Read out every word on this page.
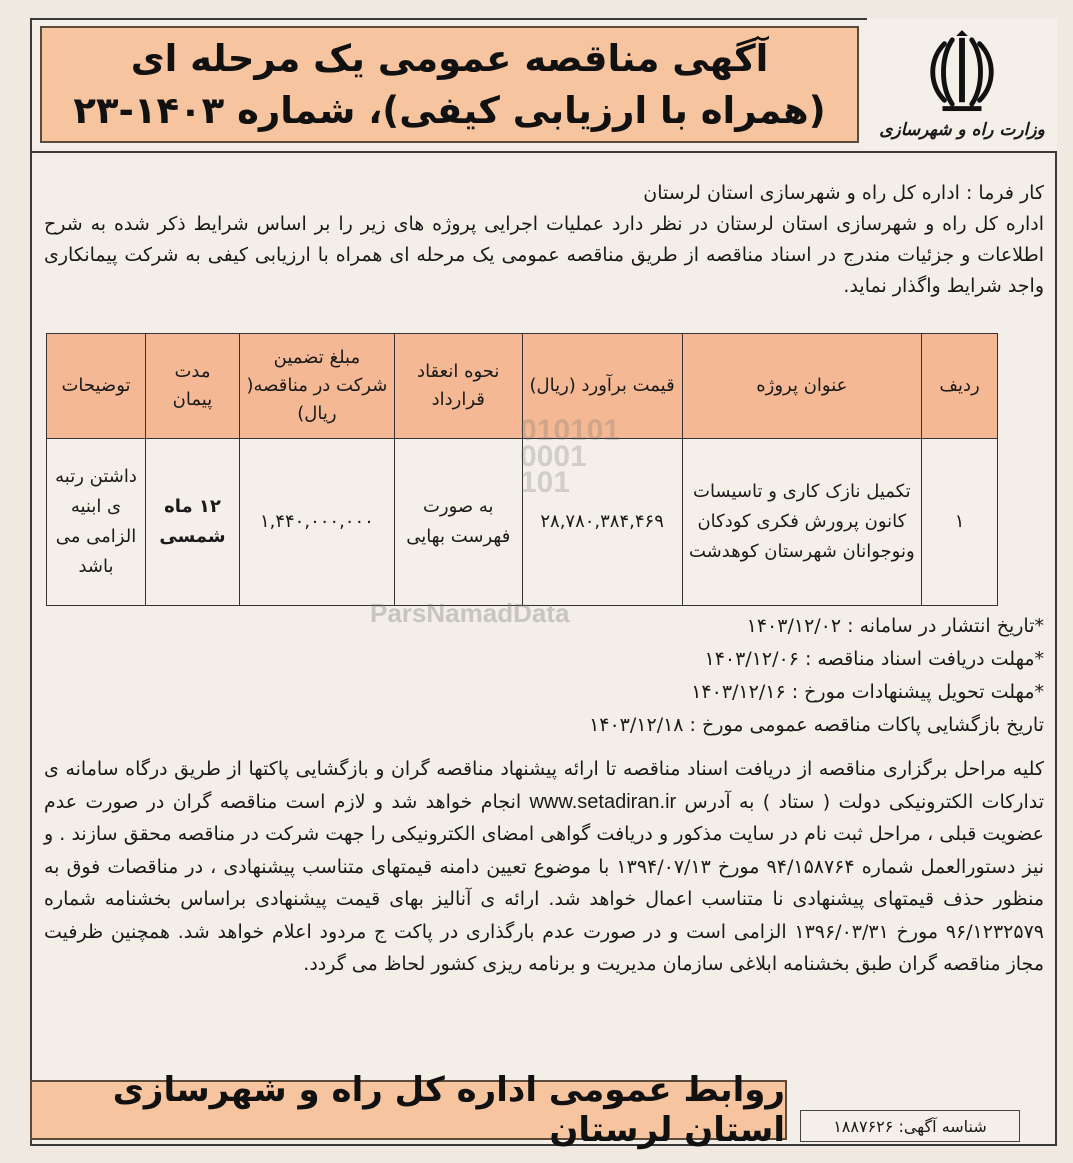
وزارت راه و شهرسازی
آگهی مناقصه عمومی یک مرحله ای
(همراه با ارزیابی کیفی)، شماره ۱۴۰۳-۲۳

کار فرما : اداره کل راه و شهرسازی استان لرستان

اداره کل راه و شهرسازی استان لرستان در نظر دارد عملیات اجرایی پروژه های زیر را بر اساس شرایط ذکر شده به شرح اطلاعات و جزئیات مندرج در اسناد مناقصه از طریق مناقصه عمومی یک مرحله ای همراه با ارزیابی کیفی به شرکت پیمانکاری واجد شرایط واگذار نماید.

ردیف	عنوان پروژه	قیمت برآورد (ریال)	نحوه انعقاد قرارداد	مبلغ تضمین شرکت در مناقصه( ریال)	مدت پیمان	توضیحات
۱	تکمیل نازک کاری و تاسیسات کانون پرورش فکری کودکان ونوجوانان شهرستان کوهدشت	۲۸,۷۸۰,۳۸۴,۴۶۹	به صورت فهرست بهایی	۱,۴۴۰,۰۰۰,۰۰۰	۱۲ ماه شمسی	داشتن رتبه ی ابنیه الزامی می باشد
010101
0001
101
ParsNamadData	*تاریخ انتشار در سامانه : ۱۴۰۳/۱۲/۰۲

*مهلت دریافت اسناد مناقصه : ۱۴۰۳/۱۲/۰۶

*مهلت تحویل پیشنهادات مورخ : ۱۴۰۳/۱۲/۱۶

تاریخ بازگشایی پاکات مناقصه عمومی مورخ : ۱۴۰۳/۱۲/۱۸

کلیه مراحل برگزاری مناقصه از دریافت اسناد مناقصه تا ارائه پیشنهاد مناقصه گران و بازگشایی پاکتها از طریق درگاه سامانه ی تدارکات الکترونیکی دولت ( ستاد ) به آدرس www.setadiran.ir انجام خواهد شد و لازم است مناقصه گران در صورت عدم عضویت قبلی ، مراحل ثبت نام در سایت مذکور و دریافت گواهی امضای الکترونیکی را جهت شرکت در مناقصه محقق سازند . و نیز دستورالعمل شماره ۹۴/۱۵۸۷۶۴ مورخ ۱۳۹۴/۰۷/۱۳ با موضوع تعیین دامنه قیمتهای متناسب پیشنهادی ، در مناقصات فوق به منظور حذف قیمتهای پیشنهادی نا متناسب اعمال خواهد شد. ارائه ی آنالیز بهای قیمت پیشنهادی براساس بخشنامه شماره ۹۶/۱۲۳۲۵۷۹ مورخ ۱۳۹۶/۰۳/۳۱ الزامی است و در صورت عدم بارگذاری در پاکت ج مردود اعلام خواهد شد. همچنین ظرفیت مجاز مناقصه گران طبق بخشنامه ابلاغی سازمان مدیریت و برنامه ریزی کشور لحاظ می گردد.

روابط عمومی اداره کل راه و شهرسازی استان لرستان	شناسه آگهی: ۱۸۸۷۶۲۶
